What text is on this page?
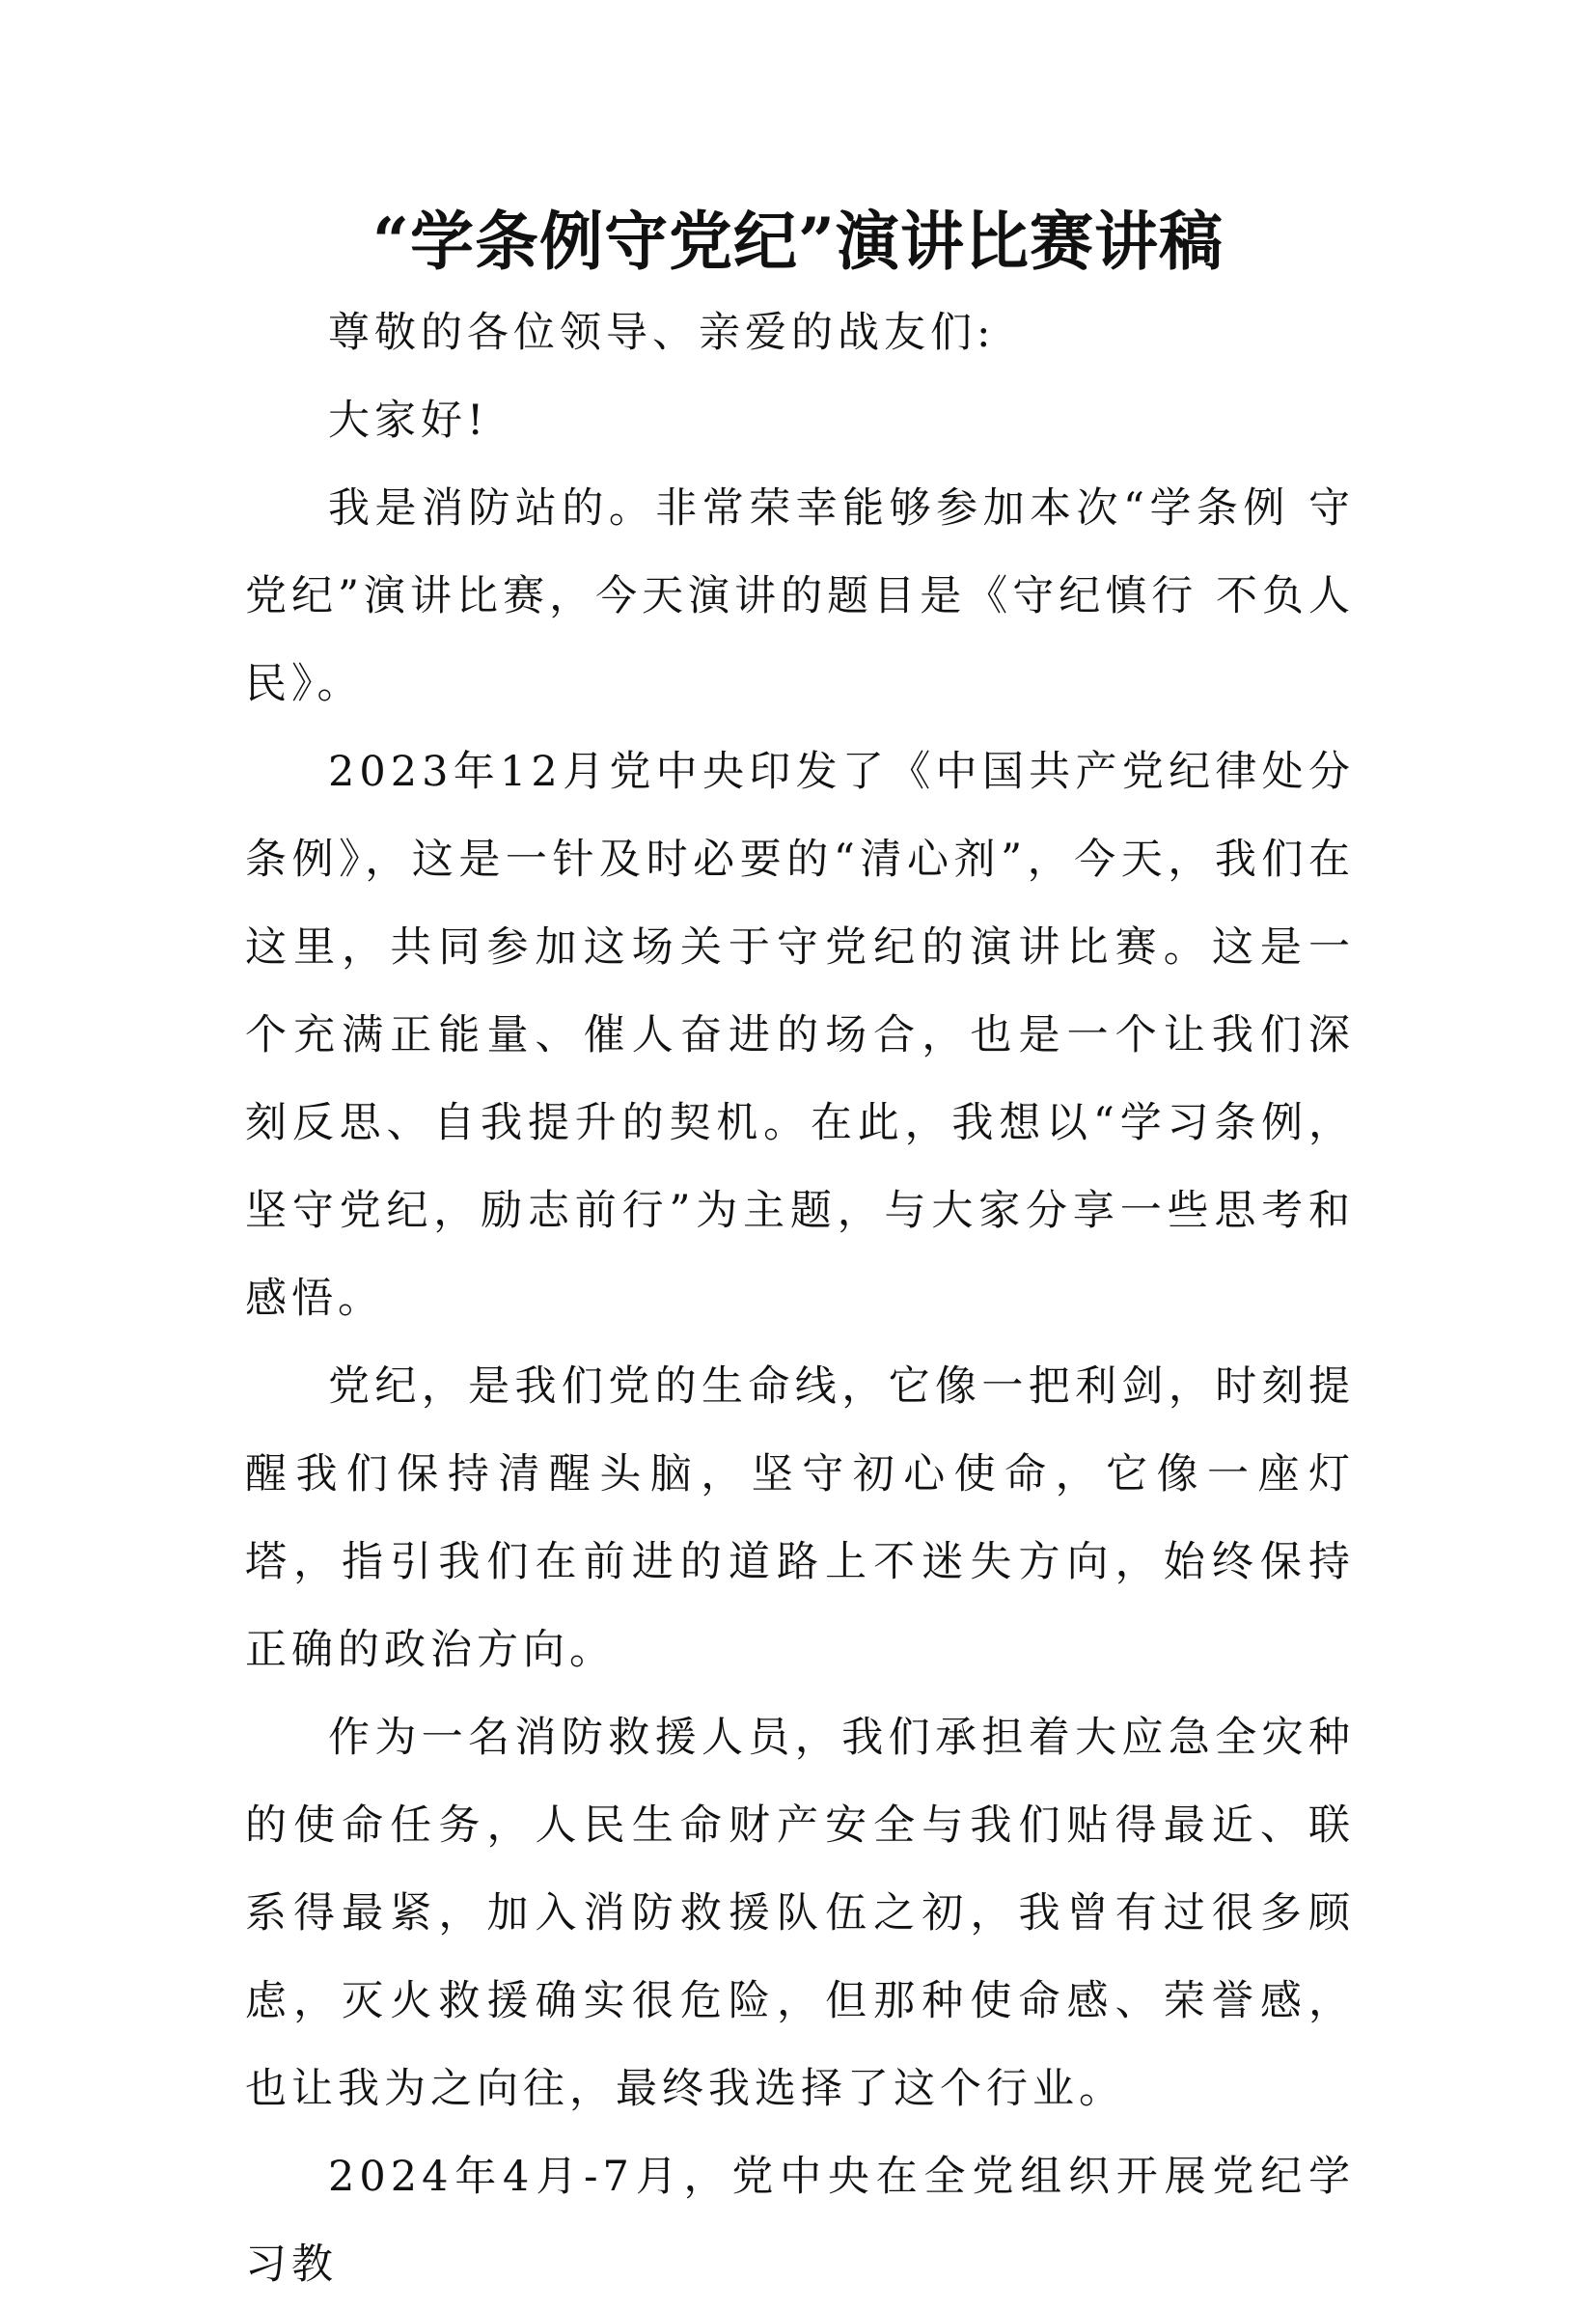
“学条例守党纪”演讲比赛讲稿

尊敬的各位领导、亲爱的战友们:

大家好!

我是消防站的。非常荣幸能够参加本次“学条例 守党纪”演讲比赛，今天演讲的题目是《守纪慎行 不负人民》。

2023年12月党中央印发了《中国共产党纪律处分条例》，这是一针及时必要的“清心剂”，今天，我们在这里，共同参加这场关于守党纪的演讲比赛。这是一个充满正能量、催人奋进的场合，也是一个让我们深刻反思、自我提升的契机。在此，我想以“学习条例，坚守党纪，励志前行”为主题，与大家分享一些思考和感悟。

党纪，是我们党的生命线，它像一把利剑，时刻提醒我们保持清醒头脑，坚守初心使命，它像一座灯塔，指引我们在前进的道路上不迷失方向，始终保持正确的政治方向。

作为一名消防救援人员，我们承担着大应急全灾种的使命任务，人民生命财产安全与我们贴得最近、联系得最紧，加入消防救援队伍之初，我曾有过很多顾虑，灭火救援确实很危险，但那种使命感、荣誉感，也让我为之向往，最终我选择了这个行业。

2024年4月-7月，党中央在全党组织开展党纪学习教
